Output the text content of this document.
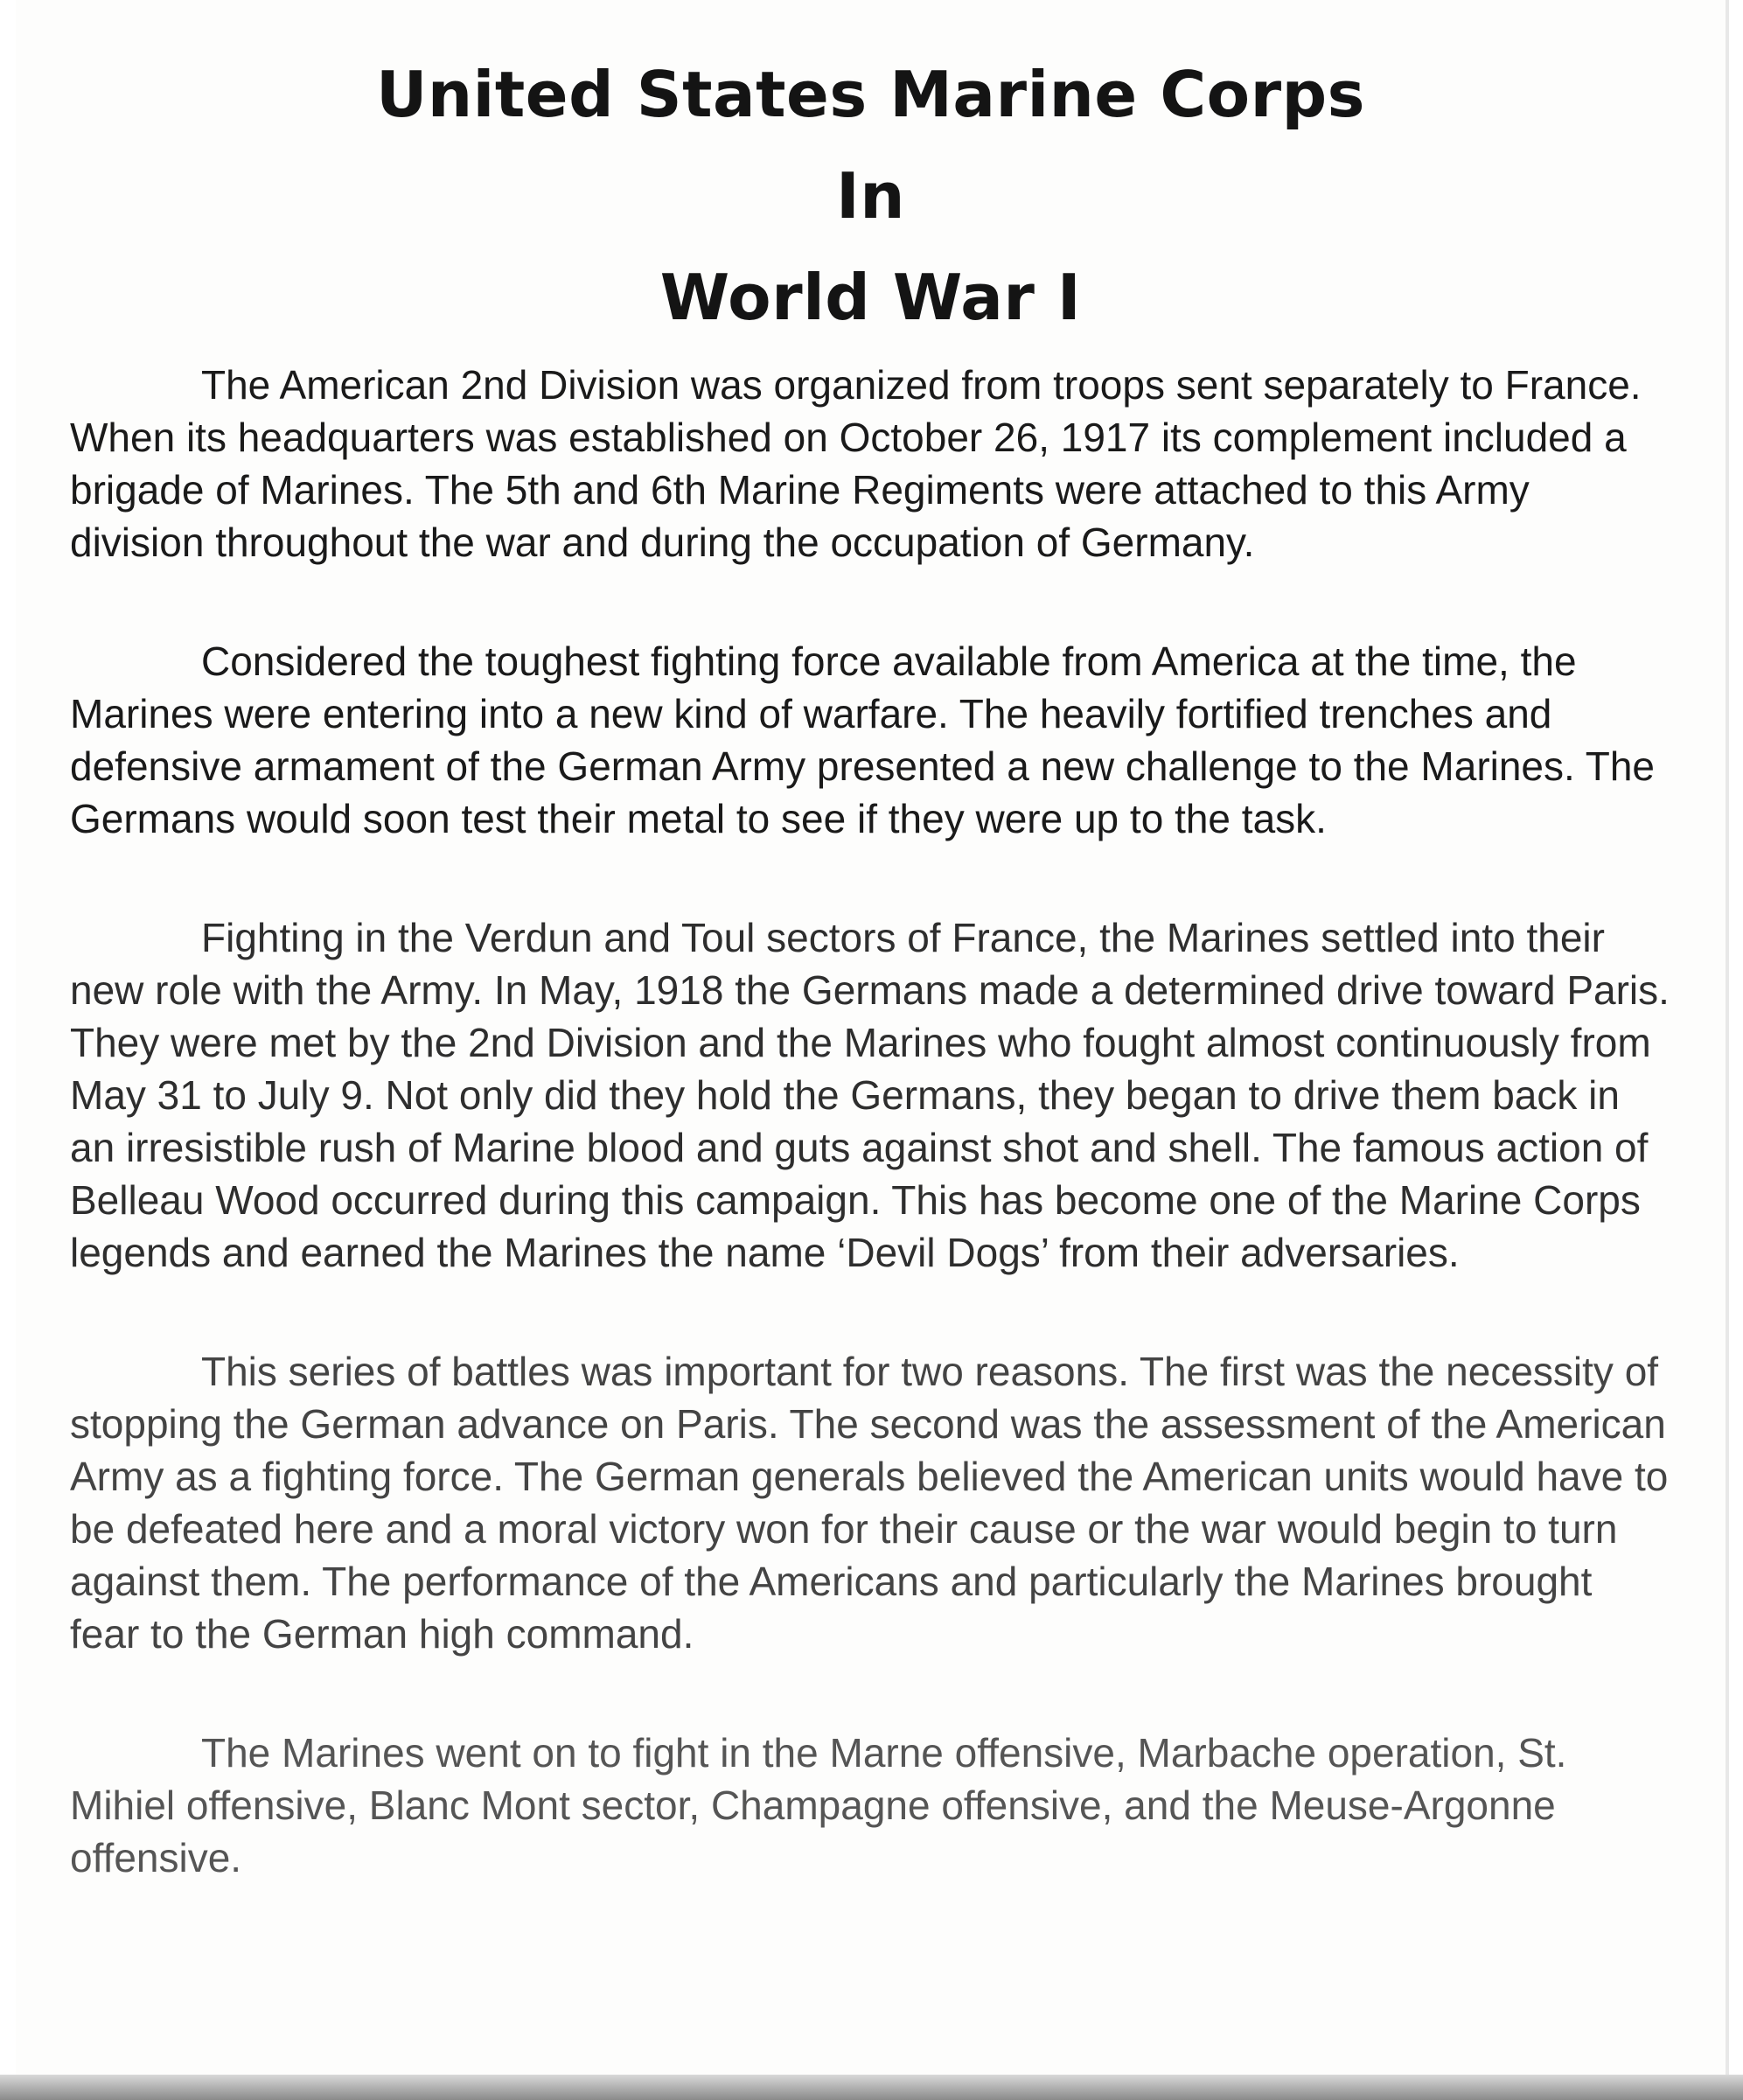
United States Marine Corps
In
World War I

The American 2nd Division was organized from troops sent separately to France. When its headquarters was established on October 26, 1917 its complement included a brigade of Marines. The 5th and 6th Marine Regiments were attached to this Army division throughout the war and during the occupation of Germany.

Considered the toughest fighting force available from America at the time, the Marines were entering into a new kind of warfare. The heavily fortified trenches and defensive armament of the German Army presented a new challenge to the Marines. The Germans would soon test their metal to see if they were up to the task.

Fighting in the Verdun and Toul sectors of France, the Marines settled into their new role with the Army. In May, 1918 the Germans made a determined drive toward Paris. They were met by the 2nd Division and the Marines who fought almost continuously from May 31 to July 9. Not only did they hold the Germans, they began to drive them back in an irresistible rush of Marine blood and guts against shot and shell. The famous action of Belleau Wood occurred during this campaign. This has become one of the Marine Corps legends and earned the Marines the name ‘Devil Dogs’ from their adversaries.

This series of battles was important for two reasons. The first was the necessity of stopping the German advance on Paris. The second was the assessment of the American Army as a fighting force. The German generals believed the American units would have to be defeated here and a moral victory won for their cause or the war would begin to turn against them. The performance of the Americans and particularly the Marines brought fear to the German high command.

The Marines went on to fight in the Marne offensive, Marbache operation, St. Mihiel offensive, Blanc Mont sector, Champagne offensive, and the Meuse-Argonne offensive.
